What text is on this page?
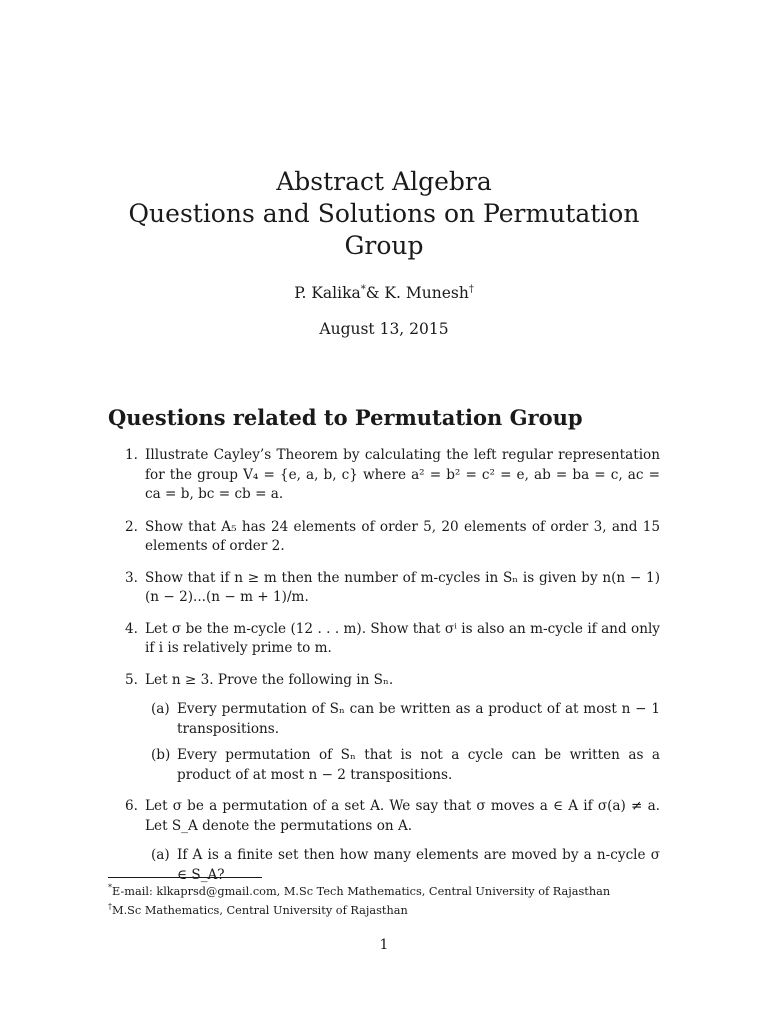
Abstract Algebra
Questions and Solutions on Permutation
Group
P. Kalika*& K. Munesh†
August 13, 2015
Questions related to Permutation Group
1. Illustrate Cayley’s Theorem by calculating the left regular representation for the group V₄ = {e, a, b, c} where a² = b² = c² = e, ab = ba = c, ac = ca = b, bc = cb = a.
2. Show that A₅ has 24 elements of order 5, 20 elements of order 3, and 15 elements of order 2.
3. Show that if n ≥ m then the number of m-cycles in Sₙ is given by n(n − 1)(n − 2)...(n − m + 1)/m.
4. Let σ be the m-cycle (12 . . . m). Show that σⁱ is also an m-cycle if and only if i is relatively prime to m.
5. Let n ≥ 3. Prove the following in Sₙ.
(a) Every permutation of Sₙ can be written as a product of at most n − 1 transpositions.
(b) Every permutation of Sₙ that is not a cycle can be written as a product of at most n − 2 transpositions.
6. Let σ be a permutation of a set A. We say that σ moves a ∈ A if σ(a) ≠ a. Let S_A denote the permutations on A.
(a) If A is a finite set then how many elements are moved by a n-cycle σ ∈ S_A?
*E-mail: klkaprsd@gmail.com, M.Sc Tech Mathematics, Central University of Rajasthan
†M.Sc Mathematics, Central University of Rajasthan
1
